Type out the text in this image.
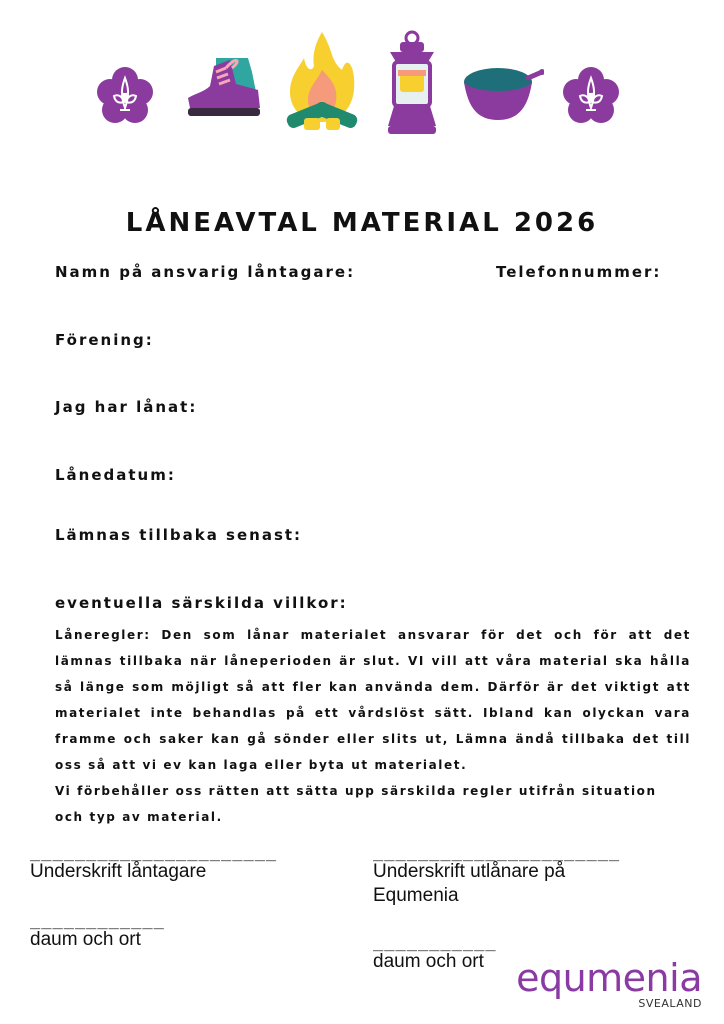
LÅNEAVTAL MATERIAL 2026
Namn på ansvarig låntagare:	Telefonnummer:
Förening:
Jag har lånat:
Lånedatum:
Lämnas tillbaka senast:
eventuella särskilda villkor:

Låneregler: Den som lånar materialet ansvarar för det och för att det lämnas tillbaka när låneperioden är slut. VI vill att våra material ska hålla så länge som möjligt så att fler kan använda dem. Därför är det viktigt att materialet inte behandlas på ett vårdslöst sätt. Ibland kan olyckan vara framme och saker kan gå sönder eller slits ut, Lämna ändå tillbaka det till oss så att vi ev kan laga eller byta ut materialet.

Vi förbehåller oss rätten att sätta upp särskilda regler utifrån situation och typ av material.

______________________
Underskrift låntagare
____________
daum och ort
______________________
Underskrift utlånare på Equmenia
___________
daum och ort equmenia
SVEALAND
